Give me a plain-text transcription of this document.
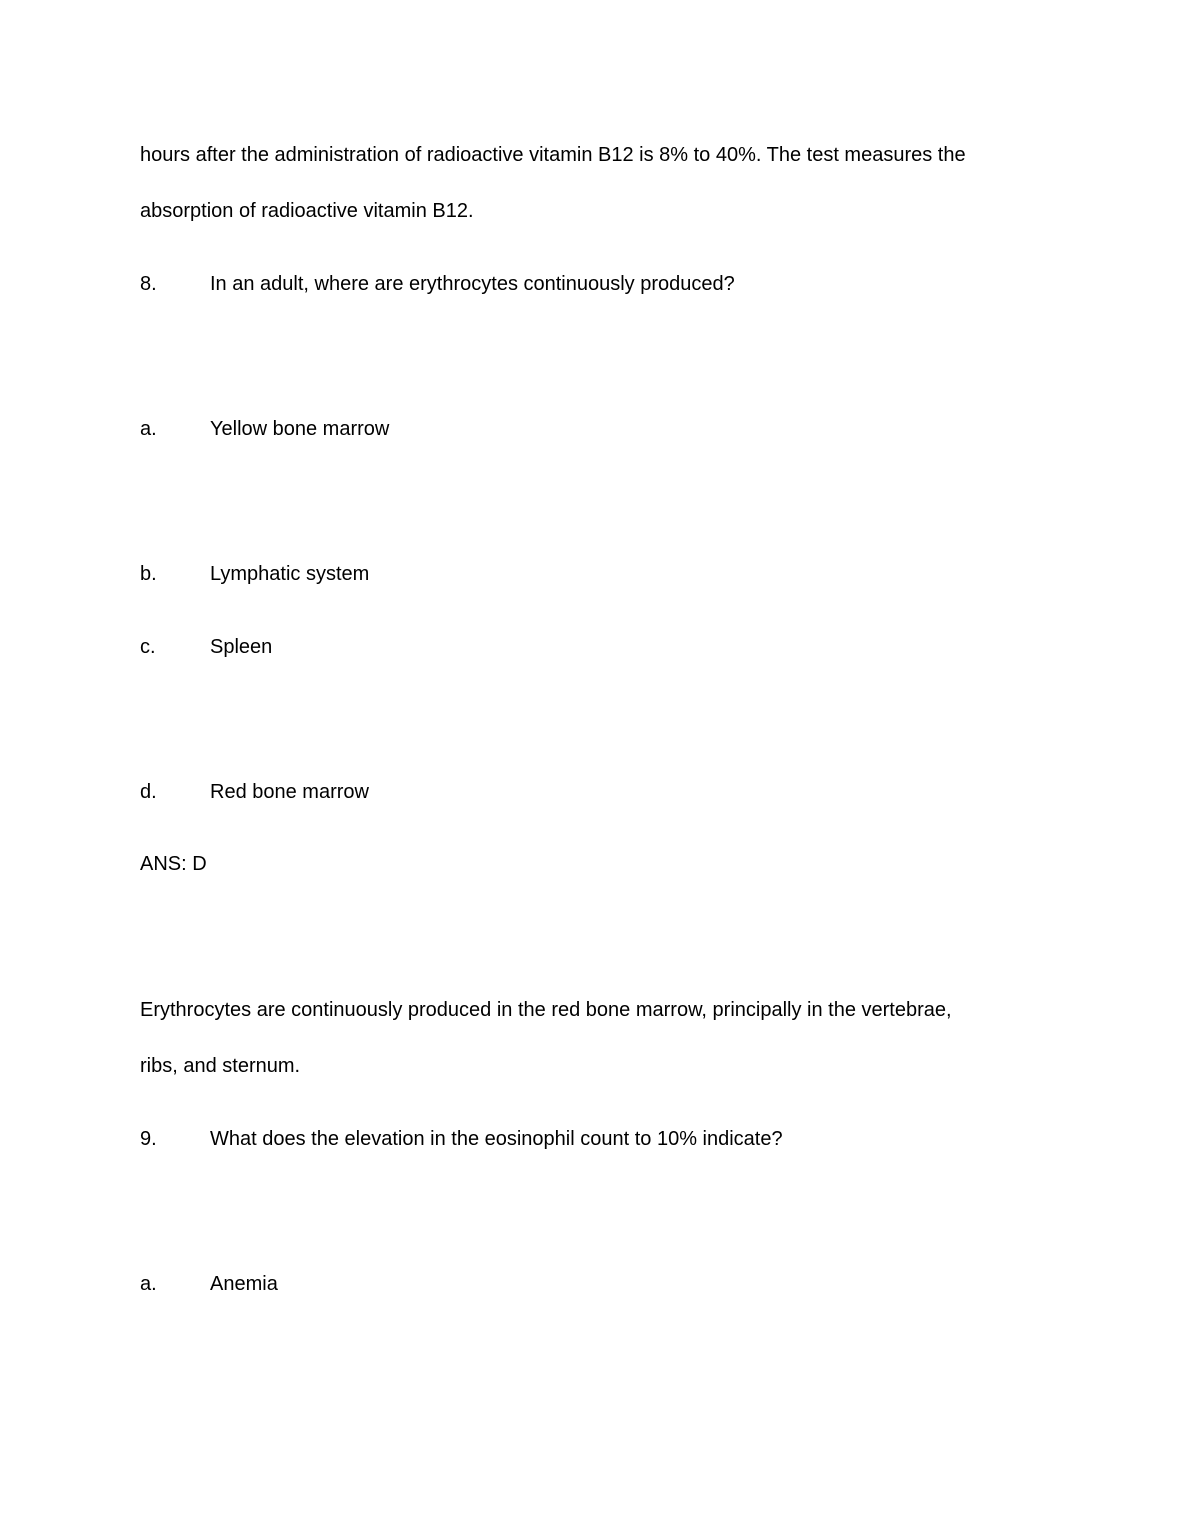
hours after the administration of radioactive vitamin B12 is 8% to 40%. The test measures the
absorption of radioactive vitamin B12.
8.	In an adult, where are erythrocytes continuously produced?
a.	Yellow bone marrow
b.	Lymphatic system
c.	Spleen
d.	Red bone marrow
ANS: D
Erythrocytes are continuously produced in the red bone marrow, principally in the vertebrae,
ribs, and sternum.
9.	What does the elevation in the eosinophil count to 10% indicate?
a.	Anemia
